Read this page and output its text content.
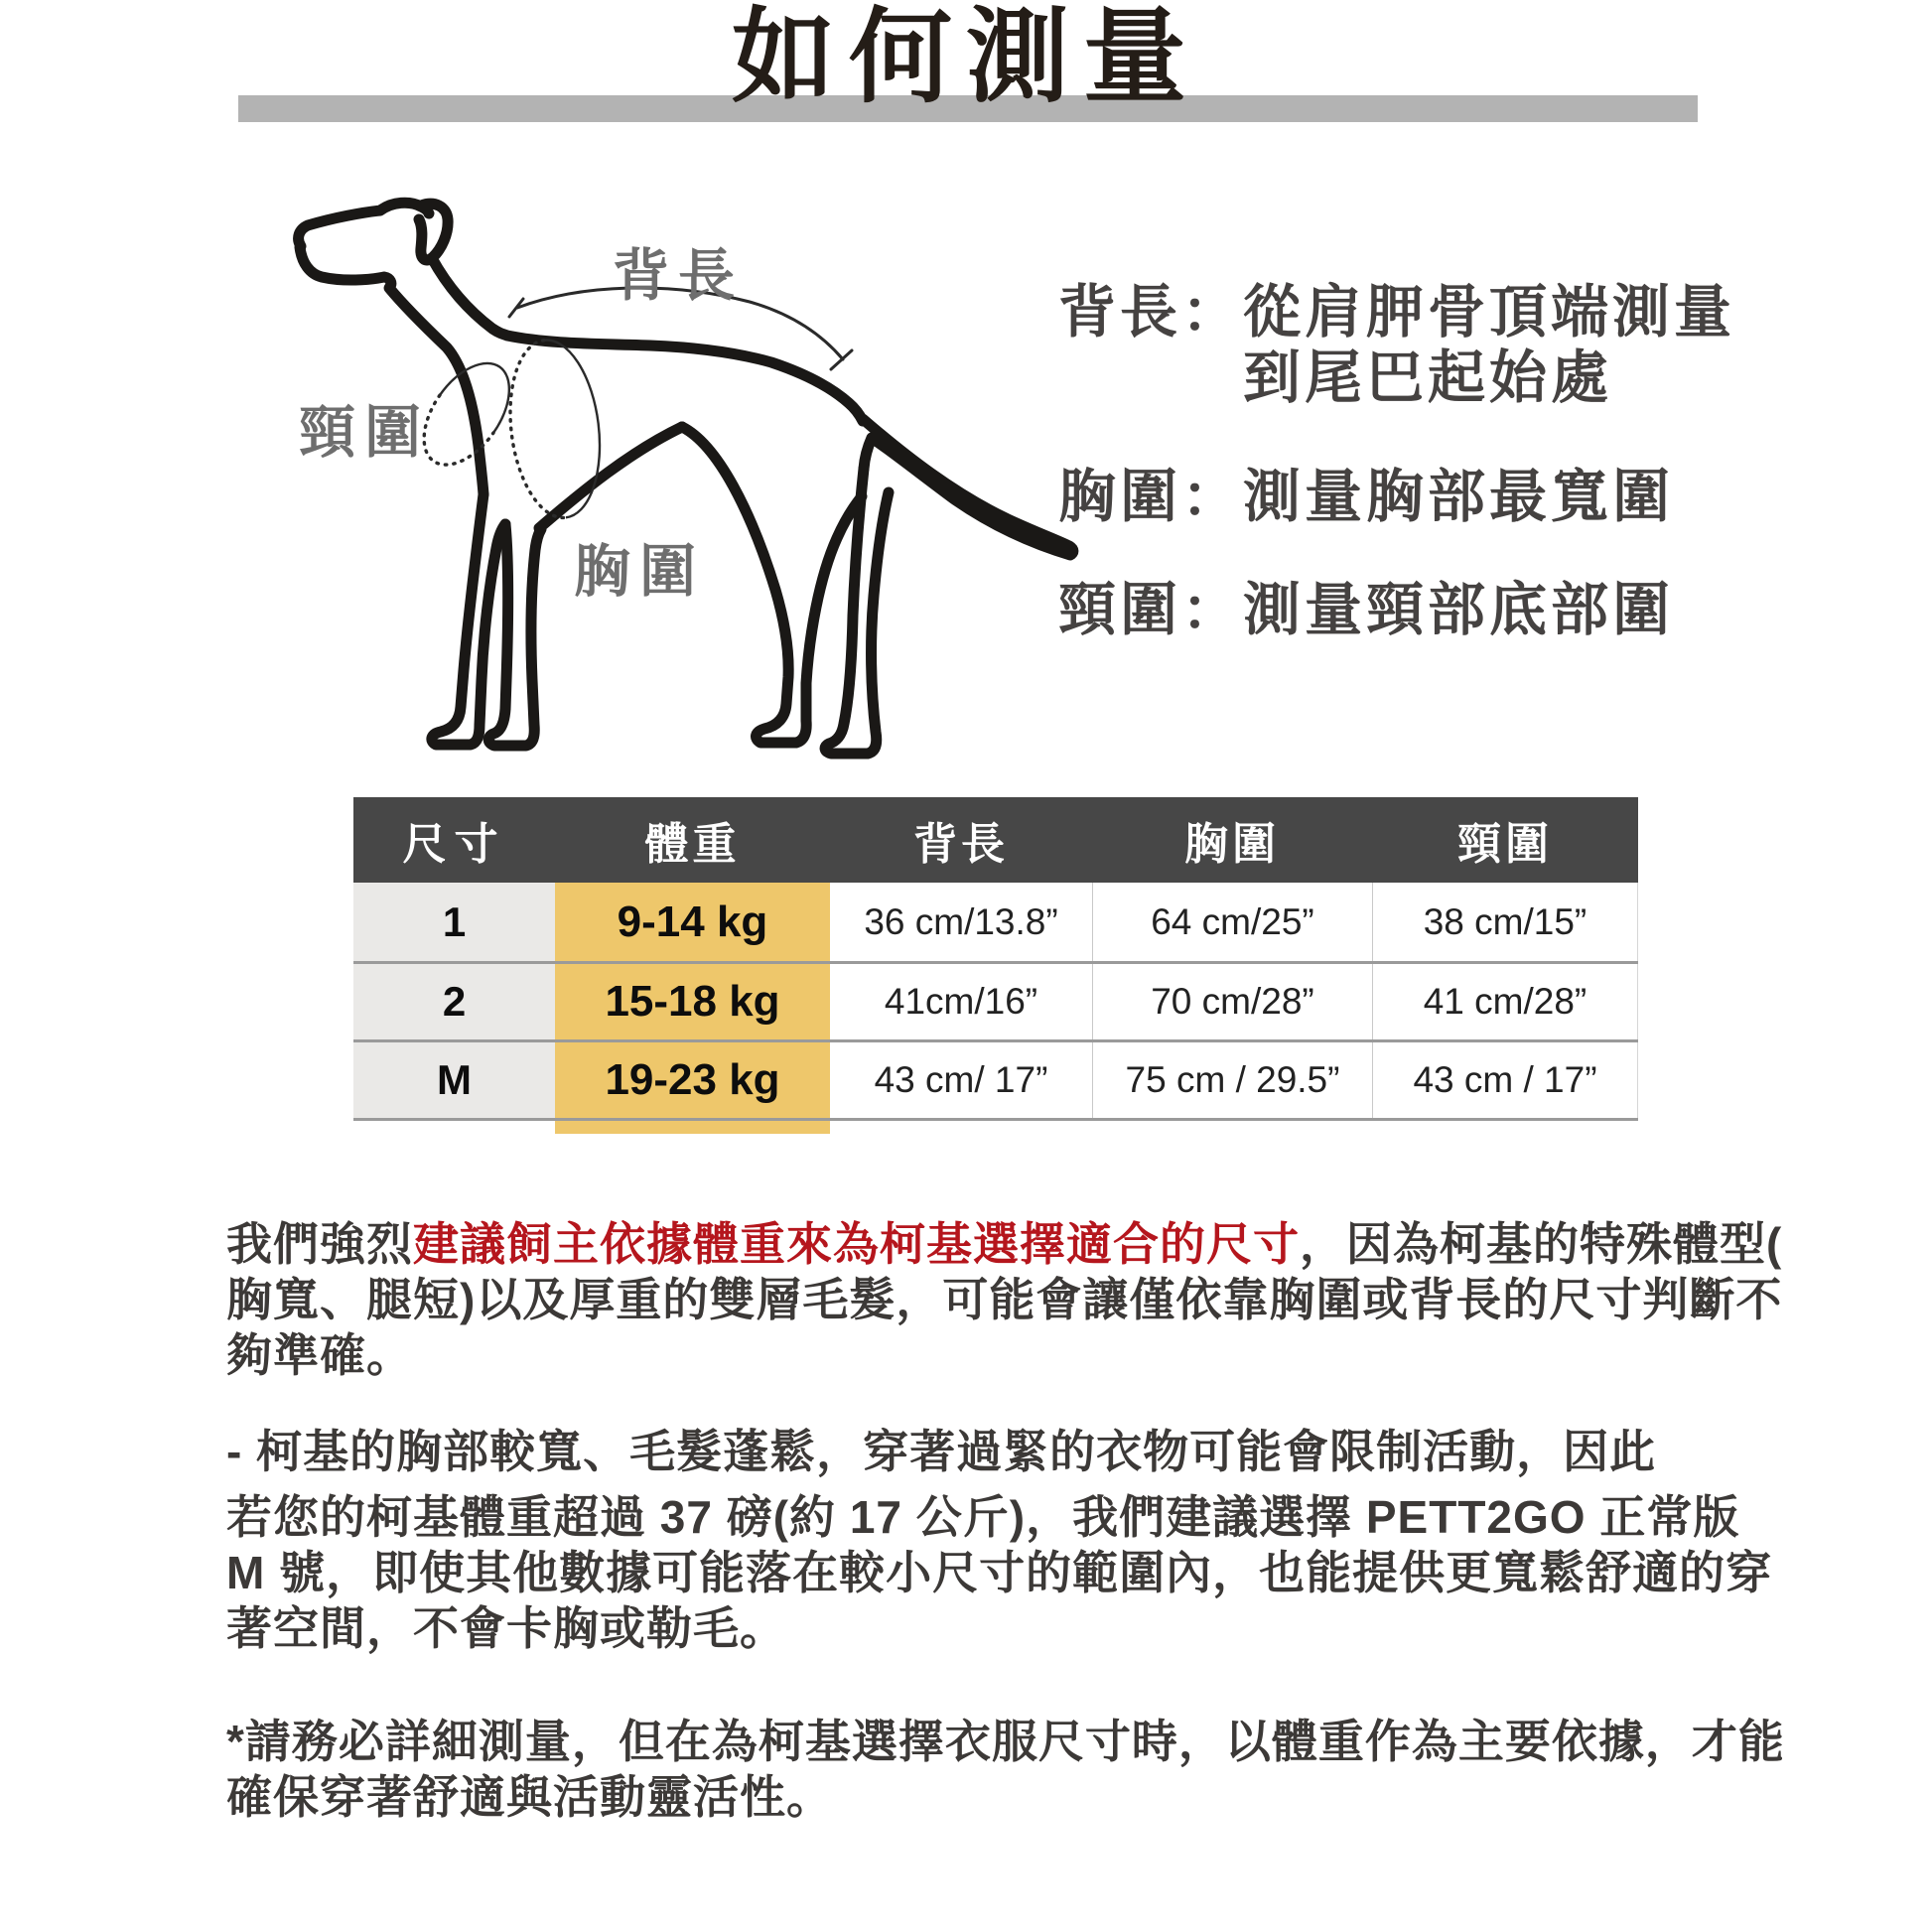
如何測量
背長
頸圍
胸圍
背長： 從肩胛骨頂端測量
到尾巴起始處
胸圍： 測量胸部最寬圍
頸圍： 測量頸部底部圍
尺寸	體重	背長	胸圍	頸圍
1	9-14 kg	36 cm/13.8”	64 cm/25”	38 cm/15”
2	15-18 kg	41cm/16”	70 cm/28”	41 cm/28”
M	19-23 kg	43 cm/ 17”	75 cm / 29.5”	43 cm / 17”
我們強烈建議飼主依據體重來為柯基選擇適合的尺寸，因為柯基的特殊體型(
胸寬、腿短)以及厚重的雙層毛髮，可能會讓僅依靠胸圍或背長的尺寸判斷不
夠準確。
- 柯基的胸部較寬、毛髮蓬鬆，穿著過緊的衣物可能會限制活動，因此
若您的柯基體重超過 37 磅(約 17 公斤)，我們建議選擇 PETT2GO 正常版
M 號，即使其他數據可能落在較小尺寸的範圍內，也能提供更寬鬆舒適的穿
著空間，不會卡胸或勒毛。
*請務必詳細測量，但在為柯基選擇衣服尺寸時，以體重作為主要依據，才能
確保穿著舒適與活動靈活性。
